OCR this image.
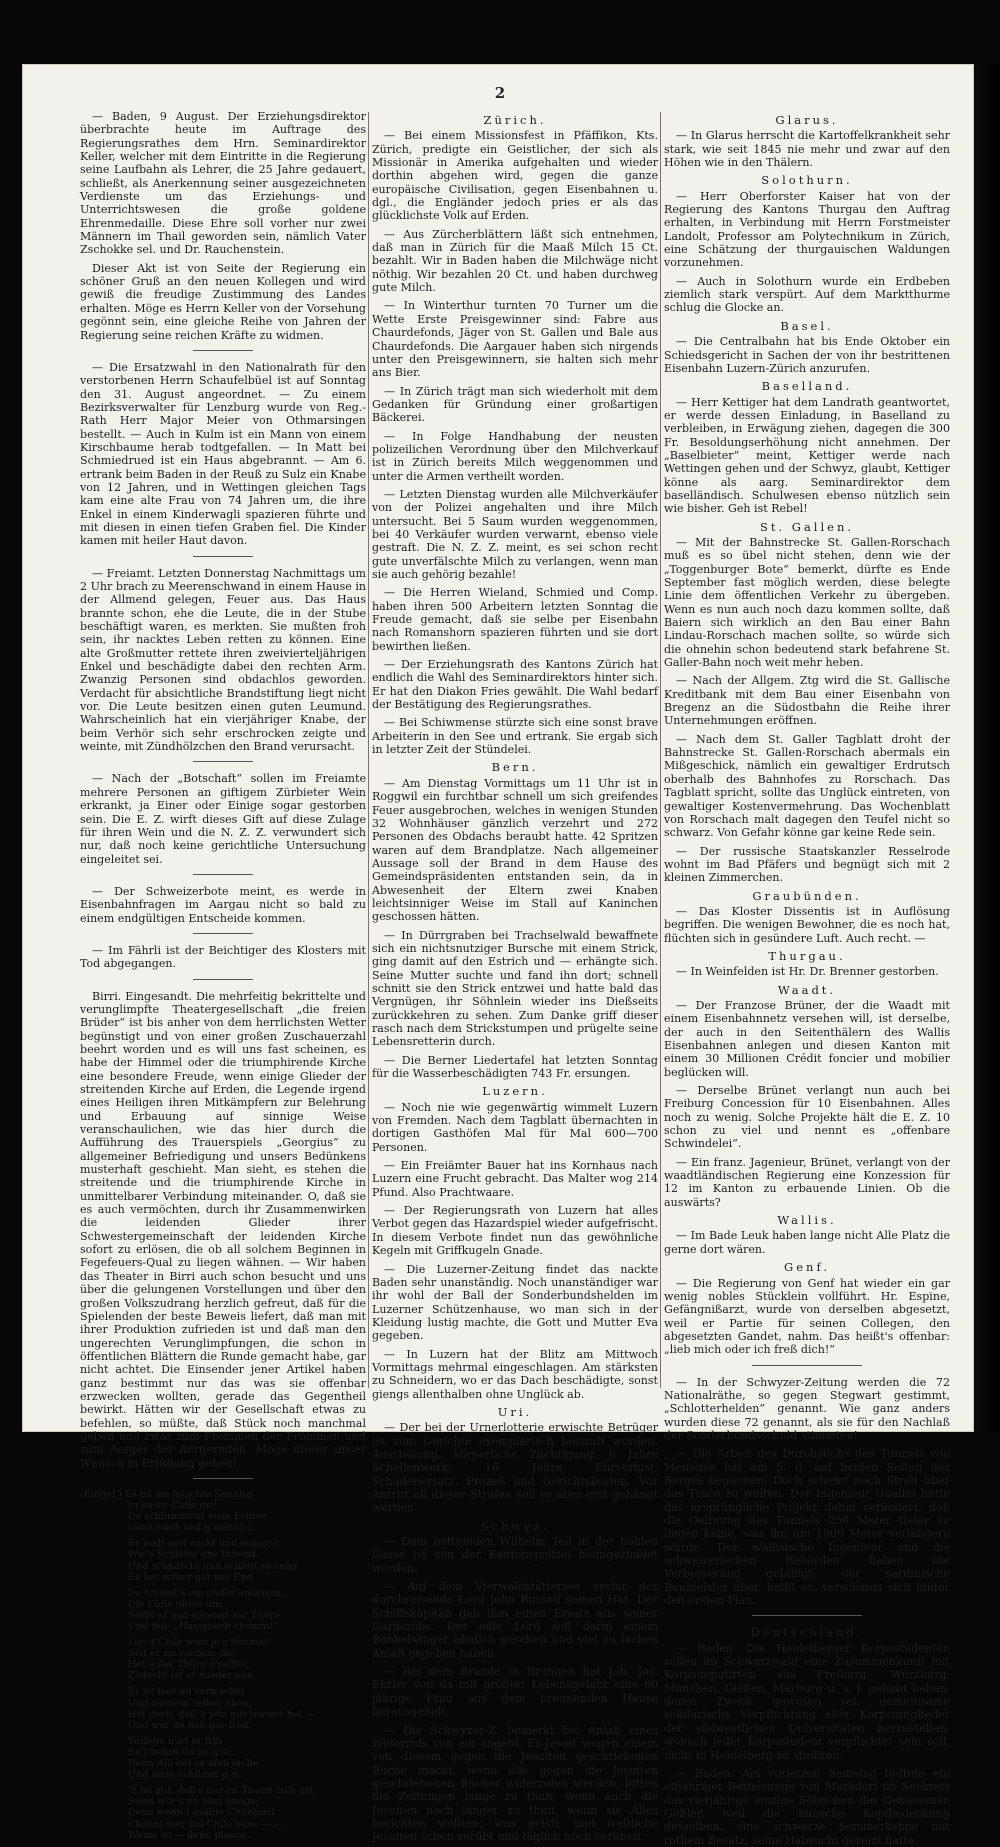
2

— Baden, 9 August. Der Erziehungsdirektor überbrachte heute im Auftrage des Regierungsrathes dem Hrn. Seminardirektor Keller, welcher mit dem Eintritte in die Regierung seine Laufbahn als Lehrer, die 25 Jahre gedauert, schließt, als Anerkennung seiner ausgezeichneten Verdienste um das Erziehungs- und Unterrichtswesen die große goldene Ehrenmedaille. Diese Ehre soll vorher nur zwei Männern im Thail geworden sein, nämlich Vater Zschokke sel. und Dr. Rauchenstein.

Dieser Akt ist von Seite der Regierung ein schöner Gruß an den neuen Kollegen und wird gewiß die freudige Zustimmung des Landes erhalten. Möge es Herrn Keller von der Vorsehung gegönnt sein, eine gleiche Reihe von Jahren der Regierung seine reichen Kräfte zu widmen.

— Die Ersatzwahl in den Nationalrath für den verstorbenen Herrn Schaufelbüel ist auf Sonntag den 31. August angeordnet. — Zu einem Bezirksverwalter für Lenzburg wurde von Reg.-Rath Herr Major Meier von Othmarsingen bestellt. — Auch in Kulm ist ein Mann von einem Kirschbaume herab todtgefallen. — In Matt bei Schmiedrued ist ein Haus abgebrannt. — Am 6. ertrank beim Baden in der Reuß zu Sulz ein Knabe von 12 Jahren, und in Wettingen gleichen Tags kam eine alte Frau von 74 Jahren um, die ihre Enkel in einem Kinderwagli spazieren führte und mit diesen in einen tiefen Graben fiel. Die Kinder kamen mit heiler Haut davon.

— Freiamt. Letzten Donnerstag Nachmittags um 2 Uhr brach zu Meerenschwand in einem Hause in der Allmend gelegen, Feuer aus. Das Haus brannte schon, ehe die Leute, die in der Stube beschäftigt waren, es merkten. Sie mußten froh sein, ihr nacktes Leben retten zu können. Eine alte Großmutter rettete ihren zweivierteljährigen Enkel und beschädigte dabei den rechten Arm. Zwanzig Personen sind obdachlos geworden. Verdacht für absichtliche Brandstiftung liegt nicht vor. Die Leute besitzen einen guten Leumund. Wahrscheinlich hat ein vierjähriger Knabe, der beim Verhör sich sehr erschrocken zeigte und weinte, mit Zündhölzchen den Brand verursacht.

— Nach der „Botschaft“ sollen im Freiamte mehrere Personen an giftigem Zürbieter Wein erkrankt, ja Einer oder Einige sogar gestorben sein. Die E. Z. wirft dieses Gift auf diese Zulage für ihren Wein und die N. Z. Z. verwundert sich nur, daß noch keine gerichtliche Untersuchung eingeleitet sei.

— Der Schweizerbote meint, es werde in Eisenbahnfragen im Aargau nicht so bald zu einem endgültigen Entscheide kommen.

— Im Fährli ist der Beichtiger des Klosters mit Tod abgegangen.

Birri. Eingesandt. Die mehrfeitig bekrittelte und verunglimpfte Theatergesellschaft „die freien Brüder“ ist bis anher von dem herrlichsten Wetter begünstigt und von einer großen Zuschauerzahl beehrt worden und es will uns fast scheinen, es habe der Himmel oder die triumphirende Kirche eine besondere Freude, wenn einige Glieder der streitenden Kirche auf Erden, die Legende irgend eines Heiligen ihren Mitkämpfern zur Belehrung und Erbauung auf sinnige Weise veranschaulichen, wie das hier durch die Aufführung des Trauerspiels „Georgius“ zu allgemeiner Befriedigung und unsers Bedünkens musterhaft geschieht. Man sieht, es stehen die streitende und die triumphirende Kirche in unmittelbarer Verbindung miteinander. O, daß sie es auch vermöchten, durch ihr Zusammenwirken die leidenden Glieder ihrer Schwestergemeinschaft der leidenden Kirche sofort zu erlösen, die ob all solchem Beginnen in Fegefeuers-Qual zu liegen wähnen. — Wir haben das Theater in Birri auch schon besucht und uns über die gelungenen Vorstellungen und über den großen Volkszudrang herzlich gefreut, daß für die Spielenden der beste Beweis liefert, daß man mit ihrer Produktion zufrieden ist und daß man den ungerechten Verunglimpfungen, die schon in öffentlichen Blättern die Runde gemacht habe, gar nicht achtet. Die Einsender jener Artikel haben ganz bestimmt nur das was sie offenbar erzwecken wollten, gerade das Gegentheil bewirkt. Hätten wir der Gesellschaft etwas zu befehlen, so müßte, daß Stück noch manchmal geben und zwar zum Frommen der Frommen und zum Aerger der Aergernden. Möge dieser unser Wunsch in Erfüllung gehen!

(Eingef.) Es ist am letschte Sunntig
In euser Chile gsi!
Do schlummr'et euse Lehrer
Ganz sanft und g'mächli i.
Er nudt und zuckt und waggelt
Wie's Schlöfer ehe thüend,
Und schnarcht und schlott so selig,
Es het schier gar kes End.
Do traumt's em under anderem,
Die Chile gheie um;
Stoht uf und sprengt zur Thüre
Und feit: „Hansjokeb chumm!“
Luc d'Chile wott jo z'fümme!
Seit er no zuenem do;
Het a der Thüre g'rafflet,
Zletscht ist er wieder cho.
Er ist halt do verwachet
Und zuenem selber choo,
Het gseh, daß 'r jetz nur traumt het —
Und war do nob gar froh.
Verlege n'ist er frili
Es Chehrli do no g'si;
Denn Alli het er afoh lache
Und allne schlimm g'si.
'S ist gut, daß's nur en Traum isch gsi,
Susst wär's en übel gange;
Denn wenn i gsähte Chilelund
Chönnt mer kei Chile baue — —
Weine so — denn plange.
Zürich.

— Bei einem Missionsfest in Pfäffikon, Kts. Zürich, predigte ein Geistlicher, der sich als Missionär in Amerika aufgehalten und wieder dorthin abgehen wird, gegen die ganze europäische Civilisation, gegen Eisenbahnen u. dgl., die Engländer jedoch pries er als das glücklichste Volk auf Erden.

— Aus Zürcherblättern läßt sich entnehmen, daß man in Zürich für die Maaß Milch 15 Ct. bezahlt. Wir in Baden haben die Milchwäge nicht nöthig. Wir bezahlen 20 Ct. und haben durchweg gute Milch.

— In Winterthur turnten 70 Turner um die Wette Erste Preisgewinner sind: Fabre aus Chaurdefonds, Jäger von St. Gallen und Bale aus Chaurdefonds. Die Aargauer haben sich nirgends unter den Preisgewinnern, sie halten sich mehr ans Bier.

— In Zürich trägt man sich wiederholt mit dem Gedanken für Gründung einer großartigen Bäckerei.

— In Folge Handhabung der neusten polizeilichen Verordnung über den Milchverkauf ist in Zürich bereits Milch weggenommen und unter die Armen vertheilt worden.

— Letzten Dienstag wurden alle Milchverkäufer von der Polizei angehalten und ihre Milch untersucht. Bei 5 Saum wurden weggenommen, bei 40 Verkäufer wurden verwarnt, ebenso viele gestraft. Die N. Z. Z. meint, es sei schon recht gute unverfälschte Milch zu verlangen, wenn man sie auch gehörig bezahle!

— Die Herren Wieland, Schmied und Comp. haben ihren 500 Arbeitern letzten Sonntag die Freude gemacht, daß sie selbe per Eisenbahn nach Romanshorn spazieren führten und sie dort bewirthen ließen.

— Der Erziehungsrath des Kantons Zürich hat endlich die Wahl des Seminardirektors hinter sich. Er hat den Diakon Fries gewählt. Die Wahl bedarf der Bestätigung des Regierungsrathes.

— Bei Schiwmense stürzte sich eine sonst brave Arbeiterin in den See und ertrank. Sie ergab sich in letzter Zeit der Stündelei.

Bern.

— Am Dienstag Vormittags um 11 Uhr ist in Roggwil ein furchtbar schnell um sich greifendes Feuer ausgebrochen, welches in wenigen Stunden 32 Wohnhäuser gänzlich verzehrt und 272 Personen des Obdachs beraubt hatte. 42 Spritzen waren auf dem Brandplatze. Nach allgemeiner Aussage soll der Brand in dem Hause des Gemeindspräsidenten entstanden sein, da in Abwesenheit der Eltern zwei Knaben leichtsinniger Weise im Stall auf Kaninchen geschossen hätten.

— In Dürrgraben bei Trachselwald bewaffnete sich ein nichtsnutziger Bursche mit einem Strick, ging damit auf den Estrich und — erhängte sich. Seine Mutter suchte und fand ihn dort; schnell schnitt sie den Strick entzwei und hatte bald das Vergnügen, ihr Söhnlein wieder ins Dießseits zurückkehren zu sehen. Zum Danke griff dieser rasch nach dem Strickstumpen und prügelte seine Lebensretterin durch.

— Die Berner Liedertafel hat letzten Sonntag für die Wasserbeschädigten 743 Fr. ersungen.

Luzern.

— Noch nie wie gegenwärtig wimmelt Luzern von Fremden. Nach dem Tagblatt übernachten in dortigen Gasthöfen Mal für Mal 600—700 Personen.

— Ein Freiämter Bauer hat ins Kornhaus nach Luzern eine Frucht gebracht. Das Malter wog 214 Pfund. Also Prachtwaare.

— Der Regierungsrath von Luzern hat alles Verbot gegen das Hazardspiel wieder aufgefrischt. In diesem Verbote findet nun das gewöhnliche Kegeln mit Griffkugeln Gnade.

— Die Luzerner-Zeitung findet das nackte Baden sehr unanständig. Noch unanständiger war ihr wohl der Ball der Sonderbundshelden im Luzerner Schützenhause, wo man sich in der Kleidung lustig machte, die Gott und Mutter Eva gegeben.

— In Luzern hat der Blitz am Mittwoch Vormittags mehrmal eingeschlagen. Am stärksten zu Schneidern, wo er das Dach beschädigte, sonst giengs allenthalben ohne Unglück ab.

Uri.

— Der bei der Urnerlotterie erwischte Betrüger ist vom Gerichte exemplarisch bestraft worden. Ausstellung, körperliche Züchtigung, 6 Jahre Schellenwerk, 16 Jahre Ehrverlust, Schadenersatz, Prozeß und Gerichtskosten. Vor Antritt all dieser Strafen soll er aber erst gehängt werden.

Schwyz.

— Dem betteinden Wilhelm Tell in der hohlen Gasse ist von der Kantonspolizei heimgezündet worden.

— Auf dem Vierwaldstättersee verlor der durchreisende Lord John Russell seinen Hut. Der Schiffskapitän gab ihm einen Ersatz aus seiner Garderobe. Der edle Lord soll darin einem Bänkelsänger ähnlich gesehen und viel zu lachen Anlaß gegeben haben.

— Bei dem Brande in Brunnen hat Joh. Jos. Ehrler von da mit größter Lebensgefahr eine 60 jährige Frau aus dem brennenden Hause herausgeholt.

— Die Schwyzer-Z. bemerkt bei Anlaß eines Widerrufs von ein angebl. Ex-Jesuit wegen einem von diesem gegen die Jesuiten geschriebenen Buche macht, wenn alle gegen die Jesuiten geschriebenen Bücher widerrufen werden, bitten die Zeitungen lange zu thun, wenn auch die Jesuiten noch länger zu thun, wenn sie Alles berichten wollten, was geistl. und weltliche Jesuiten schon verübt und täglich noch verüben.

Glarus.

— In Glarus herrscht die Kartoffelkrankheit sehr stark, wie seit 1845 nie mehr und zwar auf den Höhen wie in den Thälern.

Solothurn.

— Herr Oberforster Kaiser hat von der Regierung des Kantons Thurgau den Auftrag erhalten, in Verbindung mit Herrn Forstmeister Landolt, Professor am Polytechnikum in Zürich, eine Schätzung der thurgauischen Waldungen vorzunehmen.

— Auch in Solothurn wurde ein Erdbeben ziemlich stark verspürt. Auf dem Marktthurme schlug die Glocke an.

Basel.

— Die Centralbahn hat bis Ende Oktober ein Schiedsgericht in Sachen der von ihr bestrittenen Eisenbahn Luzern-Zürich anzurufen.

Baselland.

— Herr Kettiger hat dem Landrath geantwortet, er werde dessen Einladung, in Baselland zu verbleiben, in Erwägung ziehen, dagegen die 300 Fr. Besoldungserhöhung nicht annehmen. Der „Baselbieter“ meint, Kettiger werde nach Wettingen gehen und der Schwyz, glaubt, Kettiger könne als aarg. Seminardirektor dem baselländisch. Schulwesen ebenso nützlich sein wie bisher. Geh ist Rebel!

St. Gallen.

— Mit der Bahnstrecke St. Gallen-Rorschach muß es so übel nicht stehen, denn wie der „Toggenburger Bote“ bemerkt, dürfte es Ende September fast möglich werden, diese belegte Linie dem öffentlichen Verkehr zu übergeben. Wenn es nun auch noch dazu kommen sollte, daß Baiern sich wirklich an den Bau einer Bahn Lindau-Rorschach machen sollte, so würde sich die ohnehin schon bedeutend stark befahrene St. Galler-Bahn noch weit mehr heben.

— Nach der Allgem. Ztg wird die St. Gallische Kreditbank mit dem Bau einer Eisenbahn von Bregenz an die Südostbahn die Reihe ihrer Unternehmungen eröffnen.

— Nach dem St. Galler Tagblatt droht der Bahnstrecke St. Gallen-Rorschach abermals ein Mißgeschick, nämlich ein gewaltiger Erdrutsch oberhalb des Bahnhofes zu Rorschach. Das Tagblatt spricht, sollte das Unglück eintreten, von gewaltiger Kostenvermehrung. Das Wochenblatt von Rorschach malt dagegen den Teufel nicht so schwarz. Von Gefahr könne gar keine Rede sein.

— Der russische Staatskanzler Resselrode wohnt im Bad Pfäfers und begnügt sich mit 2 kleinen Zimmerchen.

Graubünden.

— Das Kloster Dissentis ist in Auflösung begriffen. Die wenigen Bewohner, die es noch hat, flüchten sich in gesündere Luft. Auch recht. —

Thurgau.

— In Weinfelden ist Hr. Dr. Brenner gestorben.

Waadt.

— Der Franzose Brüner, der die Waadt mit einem Eisenbahnnetz versehen will, ist derselbe, der auch in den Seitenthälern des Wallis Eisenbahnen anlegen und diesen Kanton mit einem 30 Millionen Crédit foncier und mobilier beglücken will.

— Derselbe Brünet verlangt nun auch bei Freiburg Concession für 10 Eisenbahnen. Alles noch zu wenig. Solche Projekte hält die E. Z. 10 schon zu viel und nennt es „offenbare Schwindelei“.

— Ein franz. Jagenieur, Brünet, verlangt von der waadtländischen Regierung eine Konzession für 12 im Kanton zu erbauende Linien. Ob die auswärts?

Wallis.

— Im Bade Leuk haben lange nicht Alle Platz die gerne dort wären.

Genf.

— Die Regierung von Genf hat wieder ein gar wenig nobles Stücklein vollführt. Hr. Espine, Gefängnißarzt, wurde von derselben abgesetzt, weil er Partie für seinen Collegen, den abgesetzten Gandet, nahm. Das heißt's offenbar: „lieb mich oder ich freß dich!“

— In der Schwyzer-Zeitung werden die 72 Nationalräthe, so gegen Stegwart gestimmt, „Schlotterhelden“ genannt. Wie ganz anders wurden diese 72 genannt, als sie für den Nachlaß der Sonderbundsschuld stimmten!

— Die Arbeit des Durchstichs des Tunnels von Menouve hat am 5. d. auf beiden Seiten des Berges begonnen. Doch scheint noch Streit über das Trace zu walten. Der Ingenieur Gualini hatte das ursprüngliche Projekt dahin verändert, daß die Oeffnung des Tunnels 250 Meter tiefer zu liegen käme, was ihn um 1000 Meter verlängern würde. Der wallisische Ingenieur und die schweizerischen Behörden haben die Verbesserung gebilligt; der sardinische Baumeister aber, heißt es, verschanzt sich hinter den ersten Plan.

Deutschland.

— Baden. Die Heidelberger Korpsstudenten sollen im Schwarzwald eine Zusammenkunft mit Korpsdeputirten aus Freiburg, Würzburg, München, Gießen, Marburg u. s. f. gehabt haben, deren Zweck gewesen sei, gemeinsame solidarische Verpflichtung aller Korpsmitglieder der südwestlichen Universitäten herzustellen, wonach jeder Korpsstudent verpflichtet sein soll, nicht in Heidelberg zu studiren.

— Baden. Am vorletzen Samstag tödtete ein elfjähriger Bettelsunge von Markdorf im Seekreis das vierjährige einzige Söhnchen des Oekonomen Geßler, weil die hübsche Kopfbedeckung desselben, eine schwarze Sammetkappe mit rothem Besatz, seine Habsucht gereizt hatte.
